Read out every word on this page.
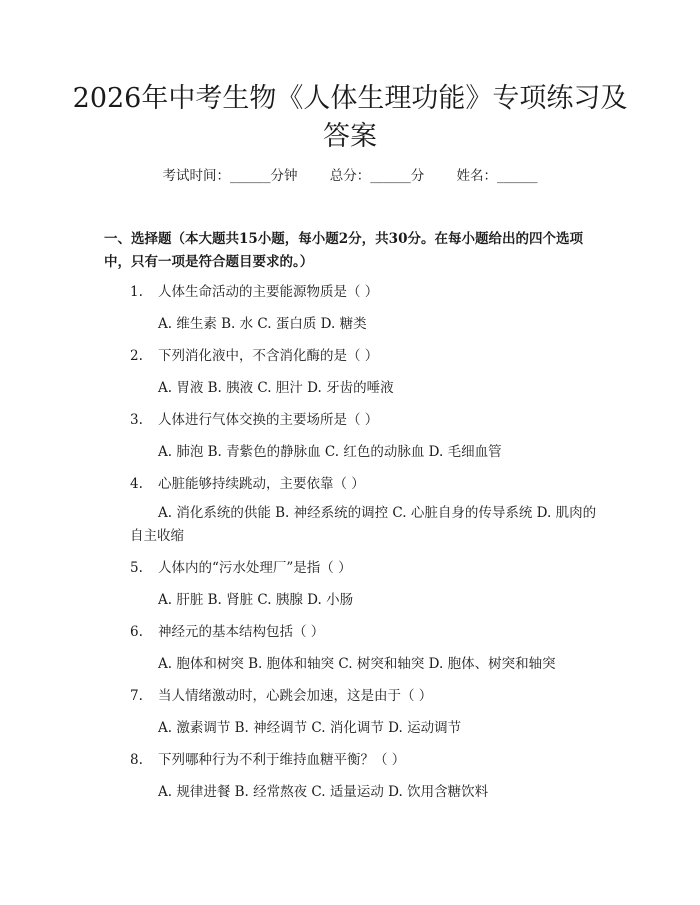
2026年中考生物《人体生理功能》专项练习及答案
考试时间：______分钟 总分：______分 姓名：______

一、选择题（本大题共15小题，每小题2分，共30分。在每小题给出的四个选项中，只有一项是符合题目要求的。）

1. 人体生命活动的主要能源物质是（ ）
A. 维生素 B. 水 C. 蛋白质 D. 糖类
2. 下列消化液中，不含消化酶的是（ ）
A. 胃液 B. 胰液 C. 胆汁 D. 牙齿的唾液
3. 人体进行气体交换的主要场所是（ ）
A. 肺泡 B. 青紫色的静脉血 C. 红色的动脉血 D. 毛细血管
4. 心脏能够持续跳动，主要依靠（ ）
A. 消化系统的供能 B. 神经系统的调控 C. 心脏自身的传导系统 D. 肌肉的自主收缩
5. 人体内的“污水处理厂”是指（ ）
A. 肝脏 B. 肾脏 C. 胰腺 D. 小肠
6. 神经元的基本结构包括（ ）
A. 胞体和树突 B. 胞体和轴突 C. 树突和轴突 D. 胞体、树突和轴突
7. 当人情绪激动时，心跳会加速，这是由于（ ）
A. 激素调节 B. 神经调节 C. 消化调节 D. 运动调节
8. 下列哪种行为不利于维持血糖平衡？（ ）
A. 规律进餐 B. 经常熬夜 C. 适量运动 D. 饮用含糖饮料
